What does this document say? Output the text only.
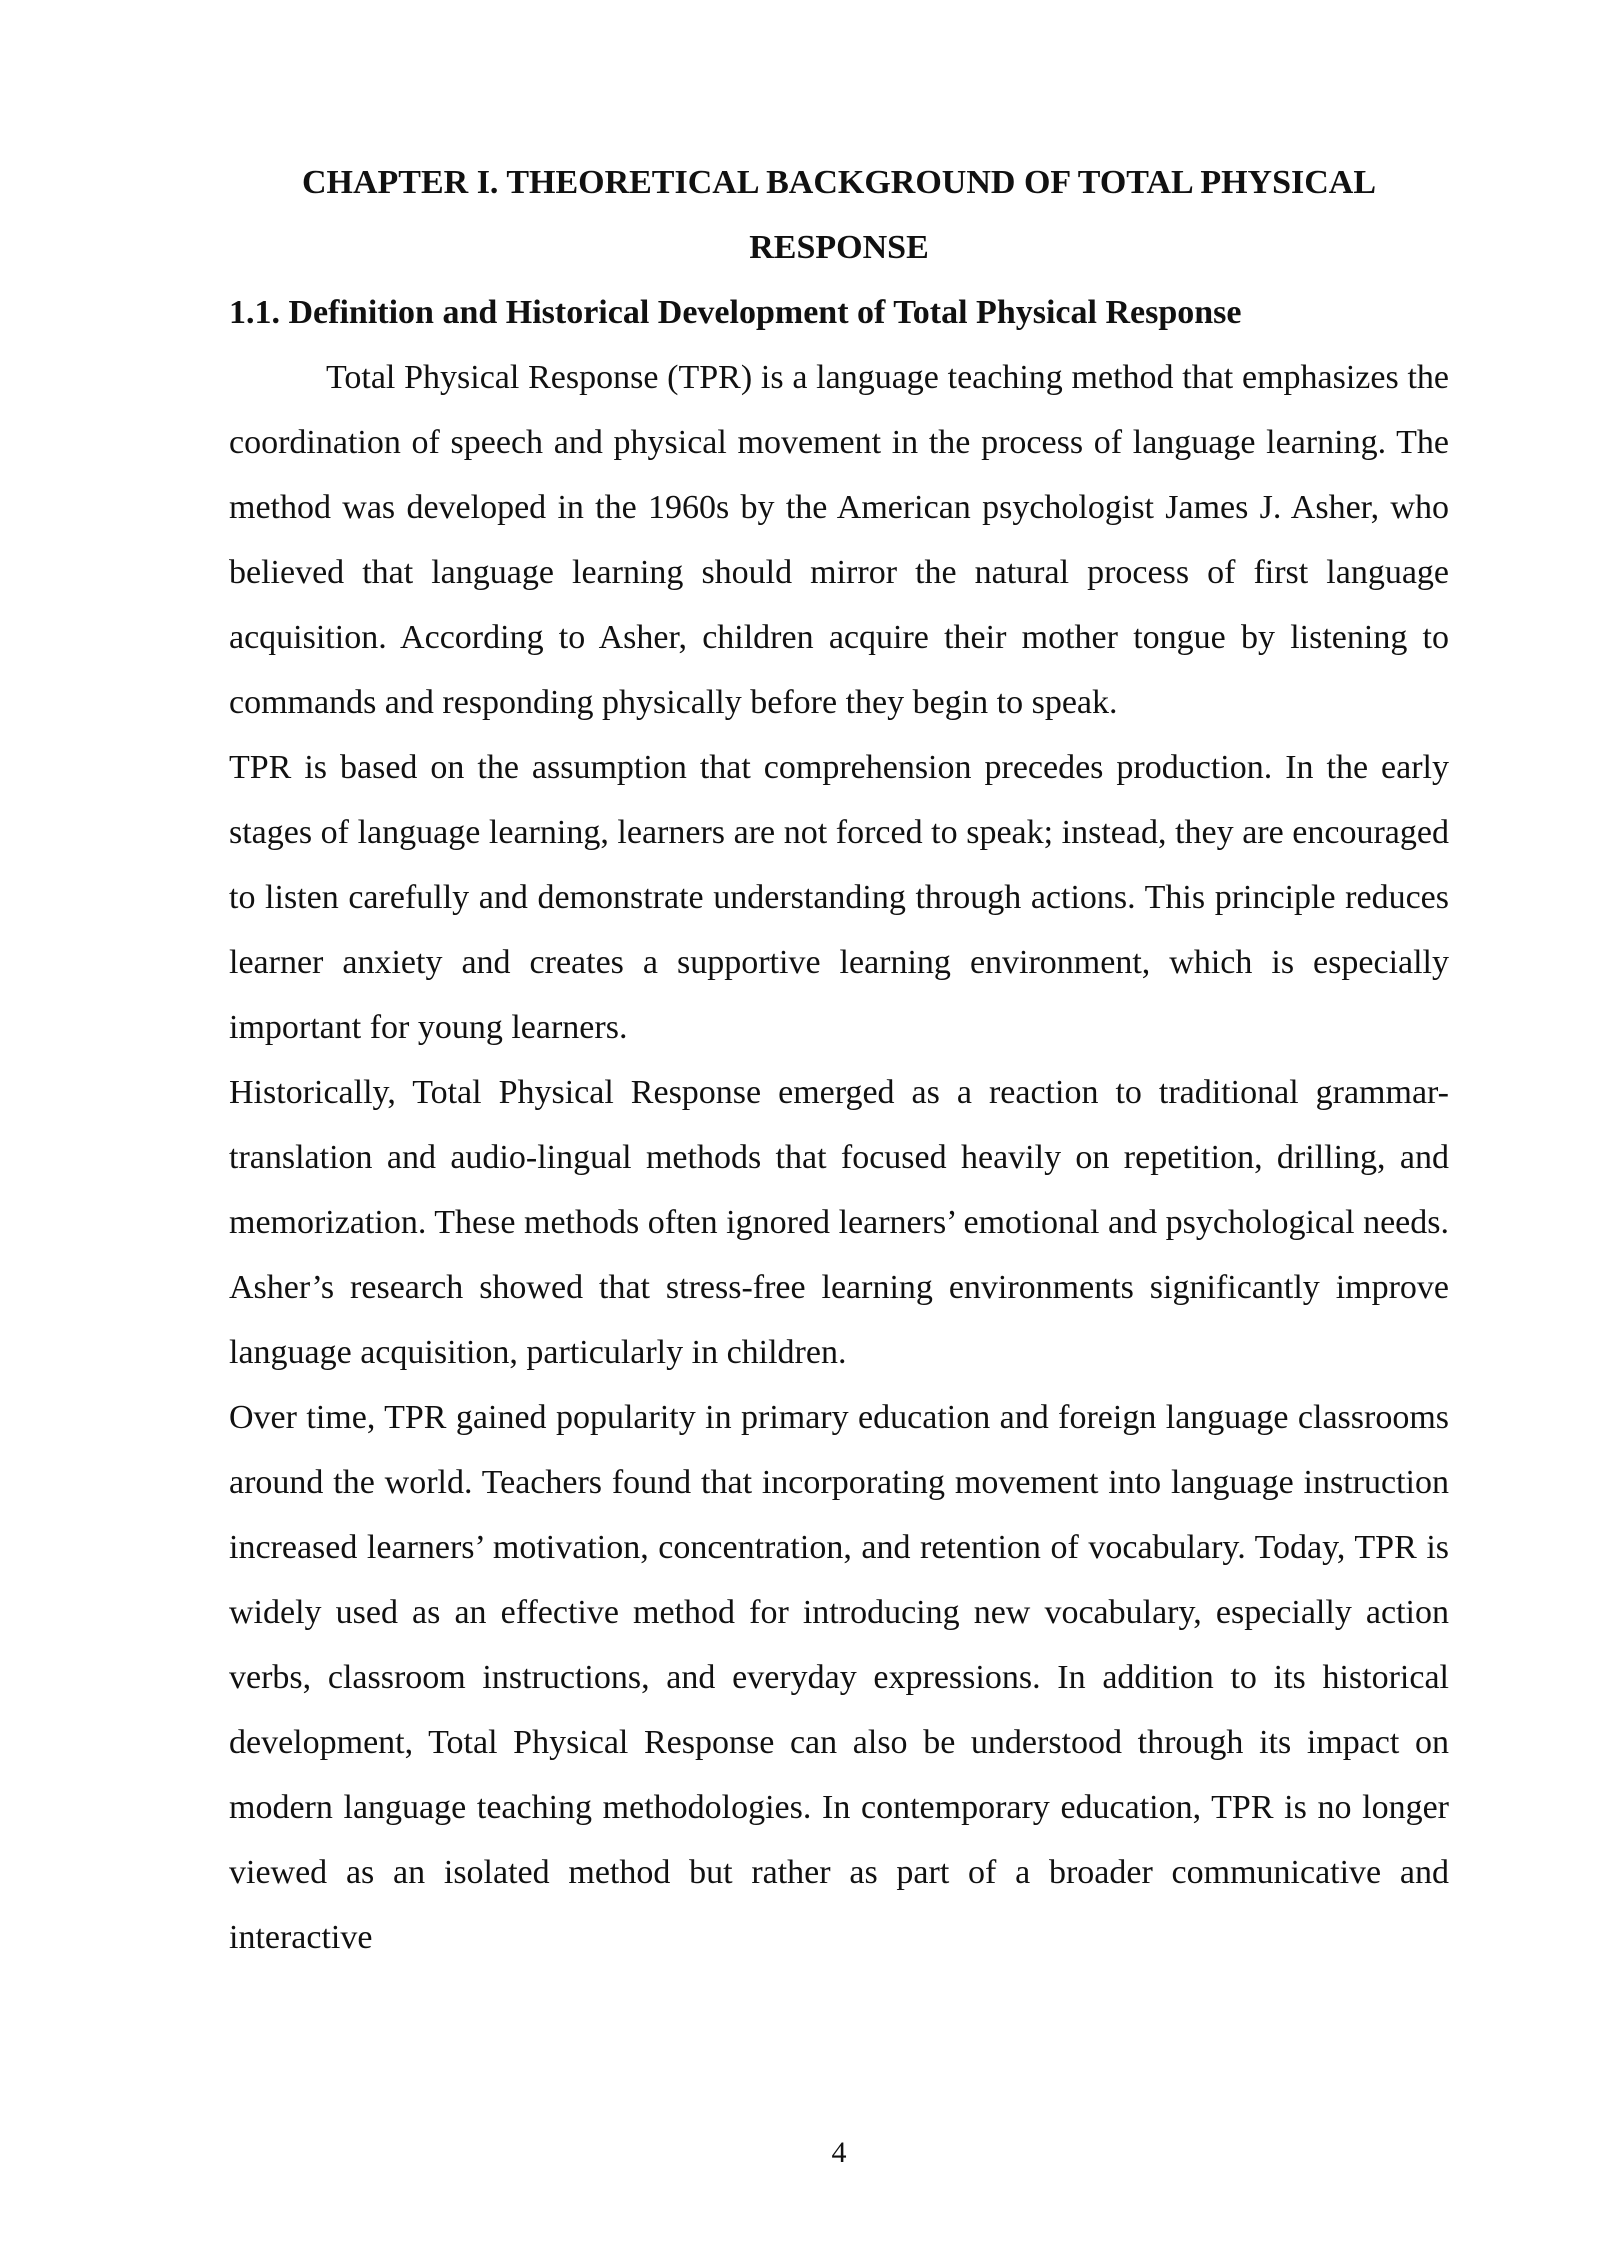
CHAPTER I. THEORETICAL BACKGROUND OF TOTAL PHYSICAL RESPONSE
1.1. Definition and Historical Development of Total Physical Response

Total Physical Response (TPR) is a language teaching method that emphasizes the coordination of speech and physical movement in the process of language learning. The method was developed in the 1960s by the American psychologist James J. Asher, who believed that language learning should mirror the natural process of first language acquisition. According to Asher, children acquire their mother tongue by listening to commands and responding physically before they begin to speak.

TPR is based on the assumption that comprehension precedes production. In the early stages of language learning, learners are not forced to speak; instead, they are encouraged to listen carefully and demonstrate understanding through actions. This principle reduces learner anxiety and creates a supportive learning environment, which is especially important for young learners.

Historically, Total Physical Response emerged as a reaction to traditional grammar-translation and audio-lingual methods that focused heavily on repetition, drilling, and memorization. These methods often ignored learners’ emotional and psychological needs. Asher’s research showed that stress-free learning environments significantly improve language acquisition, particularly in children.

Over time, TPR gained popularity in primary education and foreign language classrooms around the world. Teachers found that incorporating movement into language instruction increased learners’ motivation, concentration, and retention of vocabulary. Today, TPR is widely used as an effective method for introducing new vocabulary, especially action verbs, classroom instructions, and everyday expressions. In addition to its historical development, Total Physical Response can also be understood through its impact on modern language teaching methodologies. In contemporary education, TPR is no longer viewed as an isolated method but rather as part of a broader communicative and interactive

4
